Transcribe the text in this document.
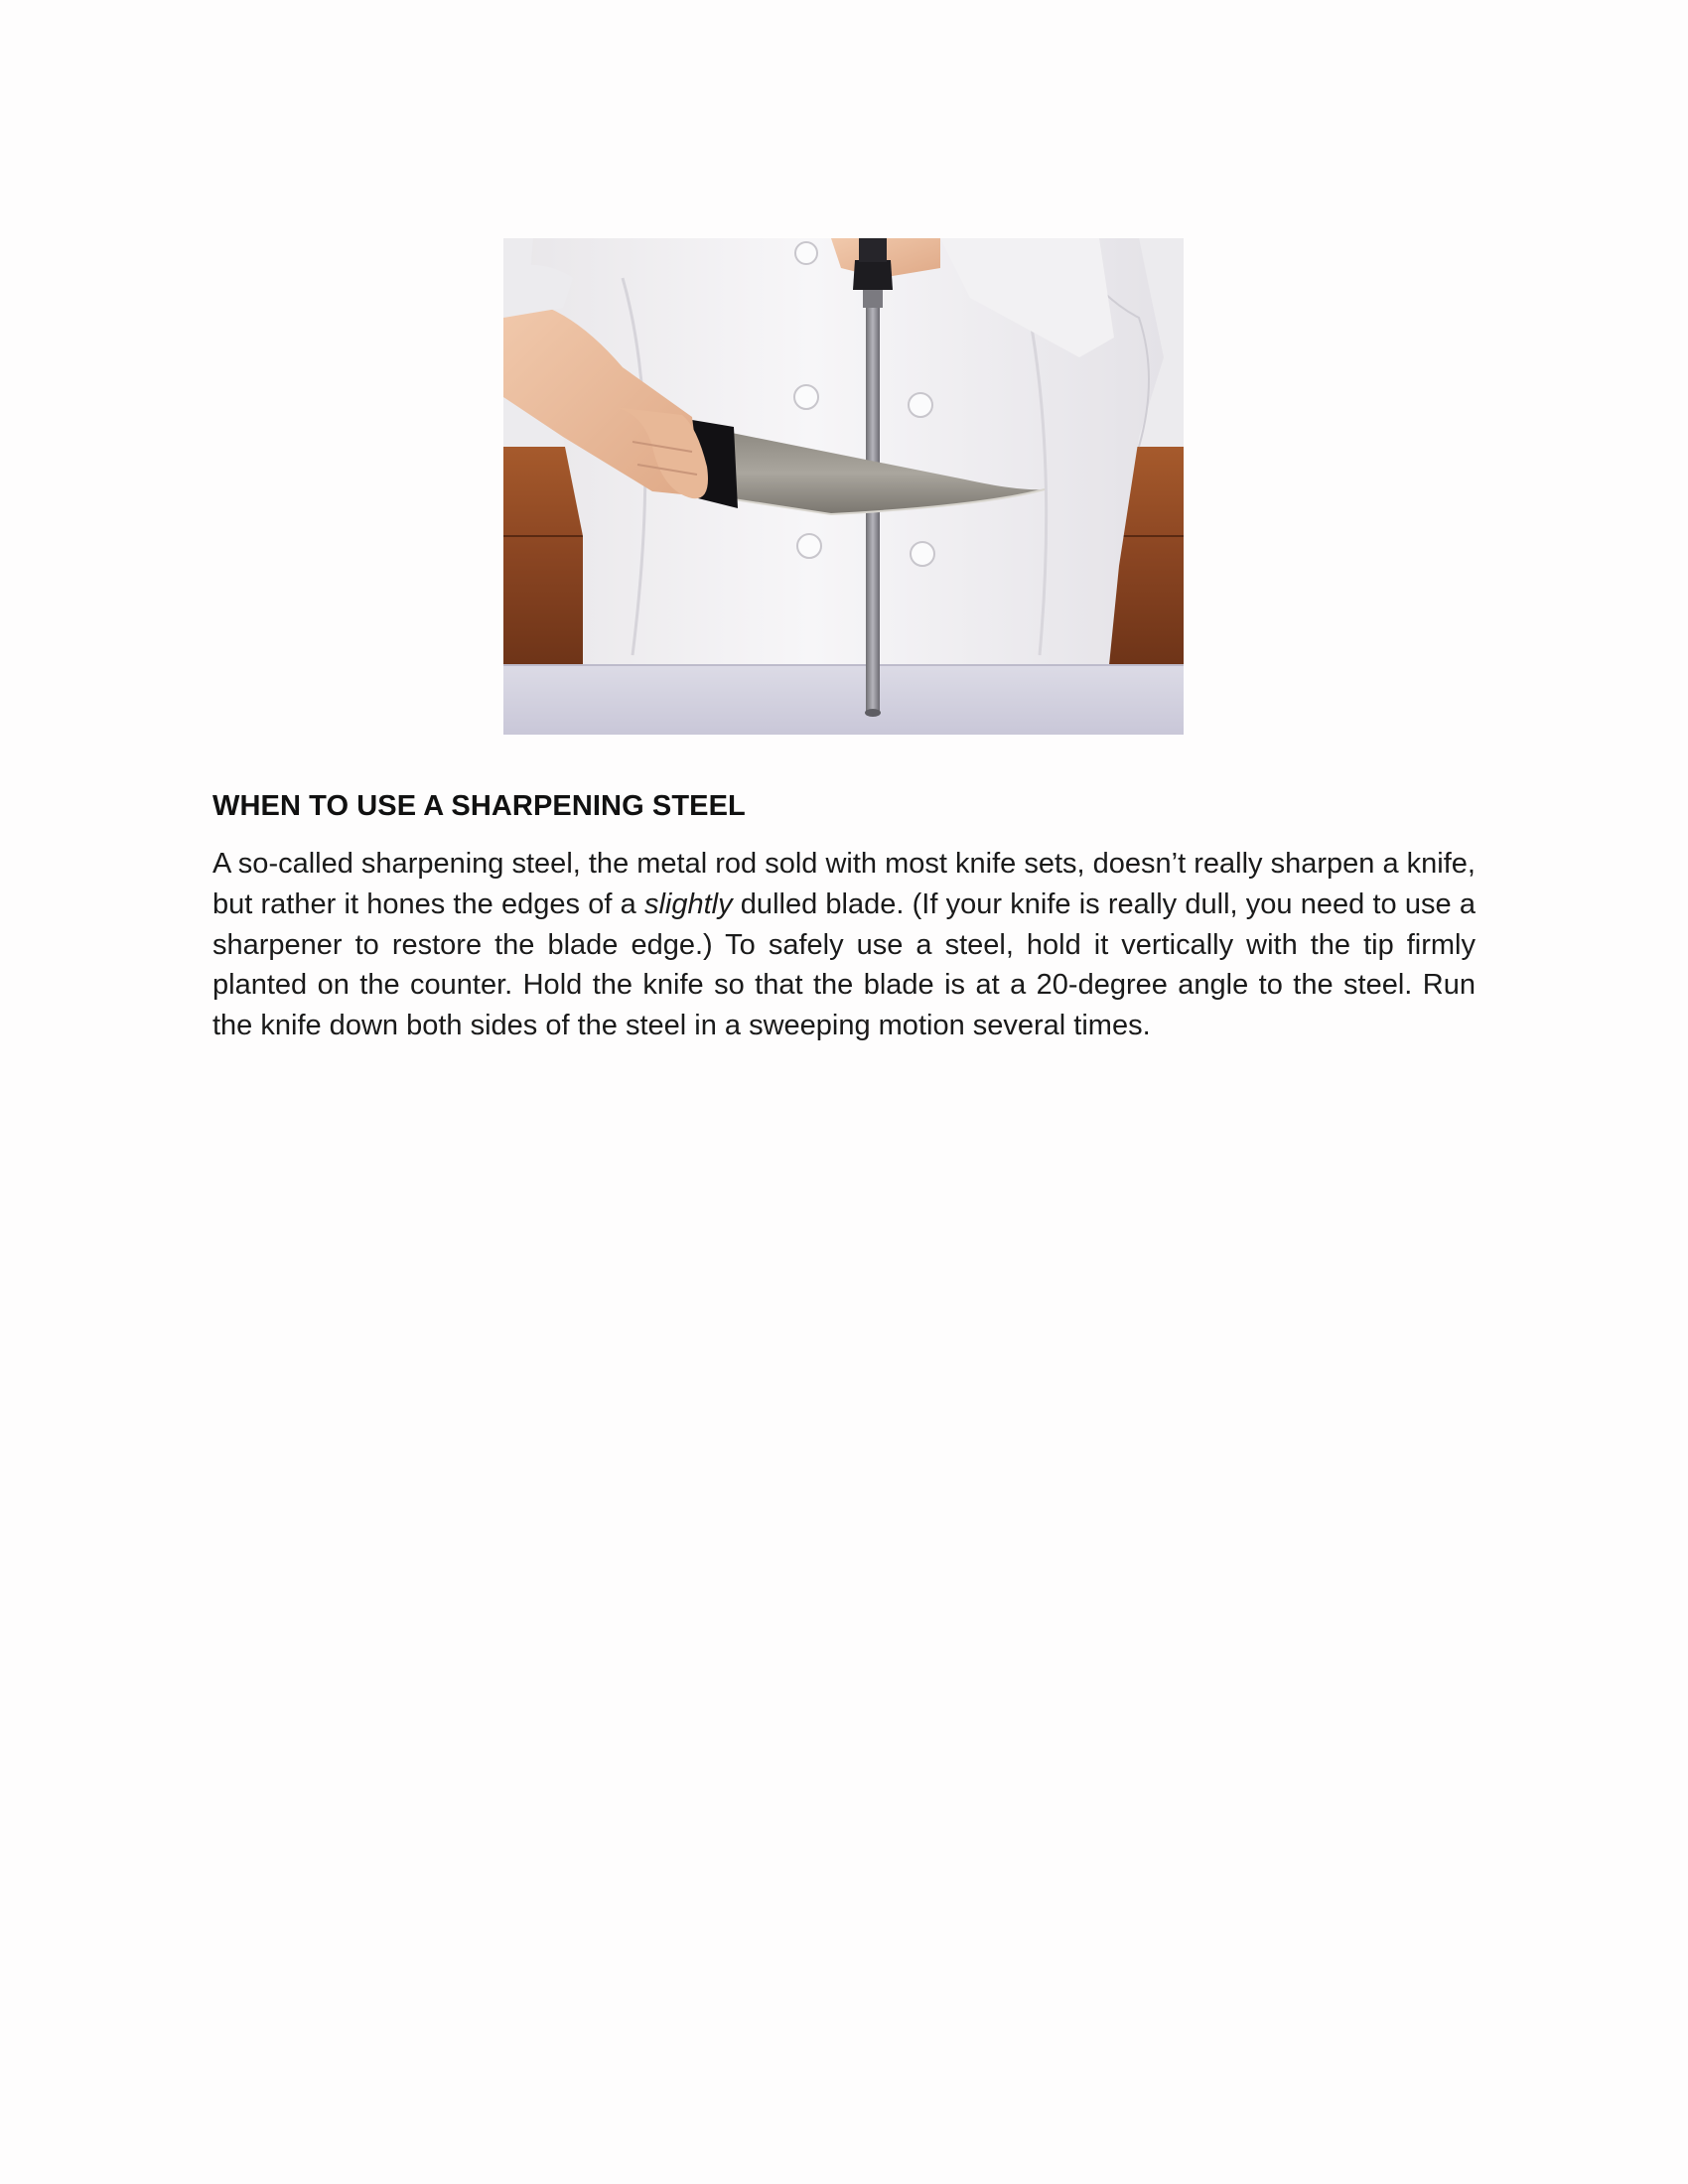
WHEN TO USE A SHARPENING STEEL

A so-called sharpening steel, the metal rod sold with most knife sets, doesn’t really sharpen a knife, but rather it hones the edges of a slightly dulled blade. (If your knife is really dull, you need to use a sharpener to restore the blade edge.) To safely use a steel, hold it vertically with the tip firmly planted on the counter. Hold the knife so that the blade is at a 20-degree angle to the steel. Run the knife down both sides of the steel in a sweeping motion several times.
